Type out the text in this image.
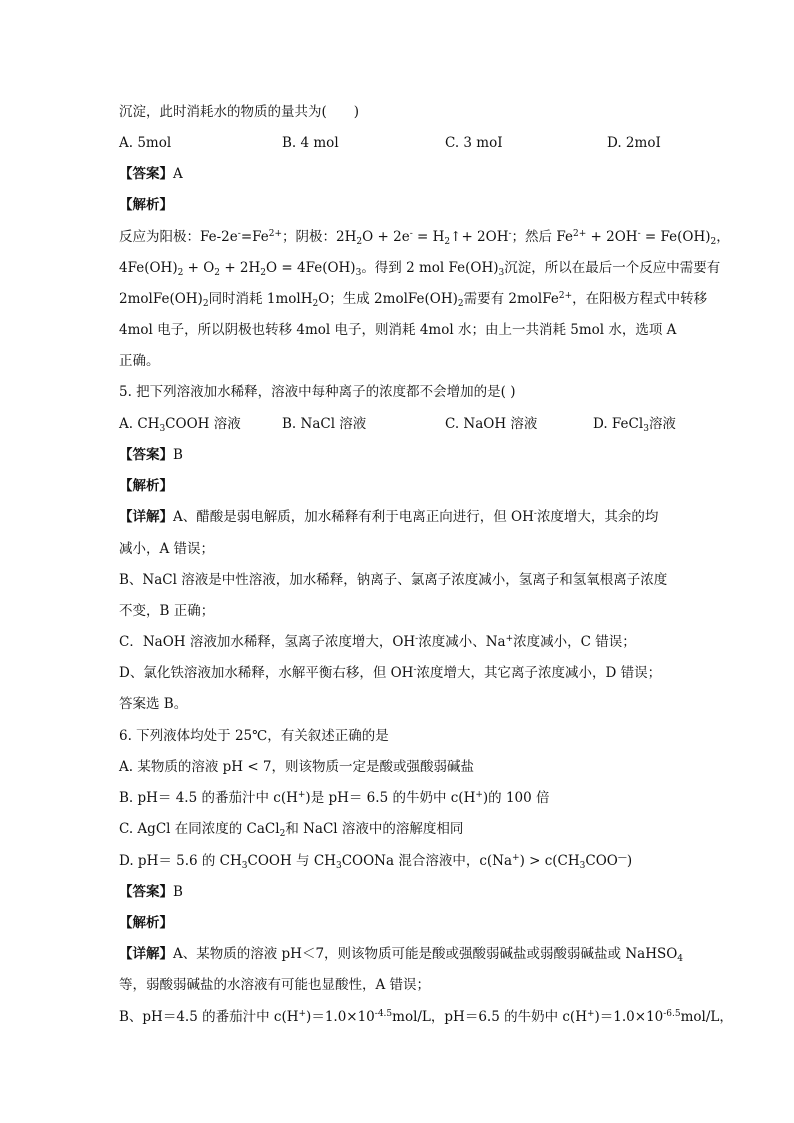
沉淀，此时消耗水的物质的量共为(　　)
A. 5mol	B. 4 mol	C. 3 moI	D. 2moI
【答案】A
【解析】
反应为阳极：$Fe-2e^-=Fe^{2+}$；阴极：$2H_2O + 2e^-$ = $H_2↑+ 2OH^-$；然后 $Fe^{2+} + 2OH^- = Fe(OH)_2$，
$4Fe(OH)_2 + O_2 + 2H_2O = 4Fe(OH)_3$。得到 2 mol $Fe(OH)_3$沉淀，所以在最后一个反应中需要有
$2molFe(OH)_2$同时消耗 1molH$_2$O；生成 $2molFe(OH)_2$需要有 2molFe$^{2+}$，在阳极方程式中转移
4mol 电子，所以阴极也转移 4mol 电子，则消耗 4mol 水；由上一共消耗 5mol 水，选项 A
正确。
5. 把下列溶液加水稀释，溶液中每种离子的浓度都不会增加的是( )
A. $CH_3COOH$ 溶液	B. NaCl 溶液	C. NaOH 溶液	D. FeCl$_3$溶液
【答案】B
【解析】
【详解】A、醋酸是弱电解质，加水稀释有利于电离正向进行，但 OH-浓度增大，其余的均
减小，A 错误；
B、NaCl 溶液是中性溶液，加水稀释，钠离子、氯离子浓度减小，氢离子和氢氧根离子浓度
不变，B 正确；
C．NaOH 溶液加水稀释，氢离子浓度增大，OH-浓度减小、Na+浓度减小，C 错误；
D、氯化铁溶液加水稀释，水解平衡右移，但 OH-浓度增大，其它离子浓度减小，D 错误；
答案选 B。
6. 下列液体均处于 25℃，有关叙述正确的是
A. 某物质的溶液 pH < 7，则该物质一定是酸或强酸弱碱盐
B. pH＝ 4.5 的番茄汁中 c(H+)是 pH＝ 6.5 的牛奶中 c(H+)的 100 倍
C. AgCl 在同浓度的 CaCl$_2$和 NaCl 溶液中的溶解度相同
D. pH＝ 5.6 的 $CH_3COOH$ 与 $CH_3COONa$ 混合溶液中，$c(Na^+) > c(CH_3COO^—)$
【答案】B
【解析】
【详解】A、某物质的溶液 pH＜7，则该物质可能是酸或强酸弱碱盐或弱酸弱碱盐或 NaHSO$_4$
等，弱酸弱碱盐的水溶液有可能也显酸性，A 错误；
B、pH＝4.5 的番茄汁中 $c(H^+)=1.0\times 10^{-4.5}mol/L$，pH＝6.5 的牛奶中 $c(H^+)=1.0\times 10^{-6.5}mol/L$，
